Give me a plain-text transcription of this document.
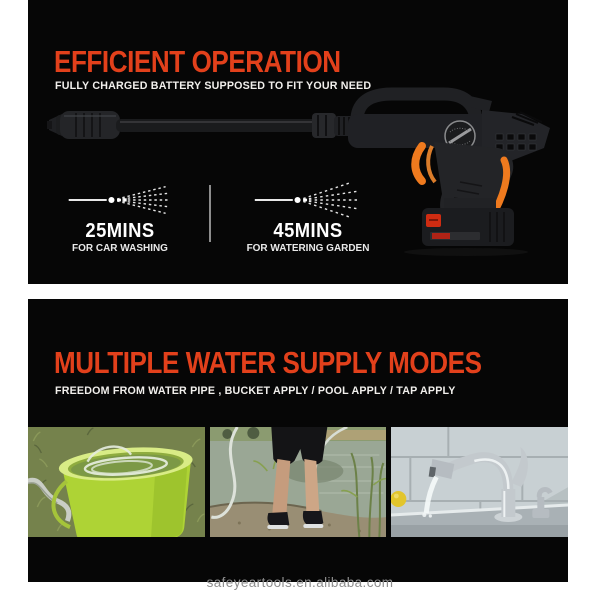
EFFICIENT OPERATION

FULLY CHARGED BATTERY SUPPOSED TO FIT YOUR NEED

25MINS
FOR CAR WASHING
45MINS
FOR WATERING GARDEN
MULTIPLE WATER SUPPLY MODES

FREEDOM FROM WATER PIPE , BUCKET APPLY / POOL APPLY / TAP APPLY

safeyeartools.en.alibaba.com
